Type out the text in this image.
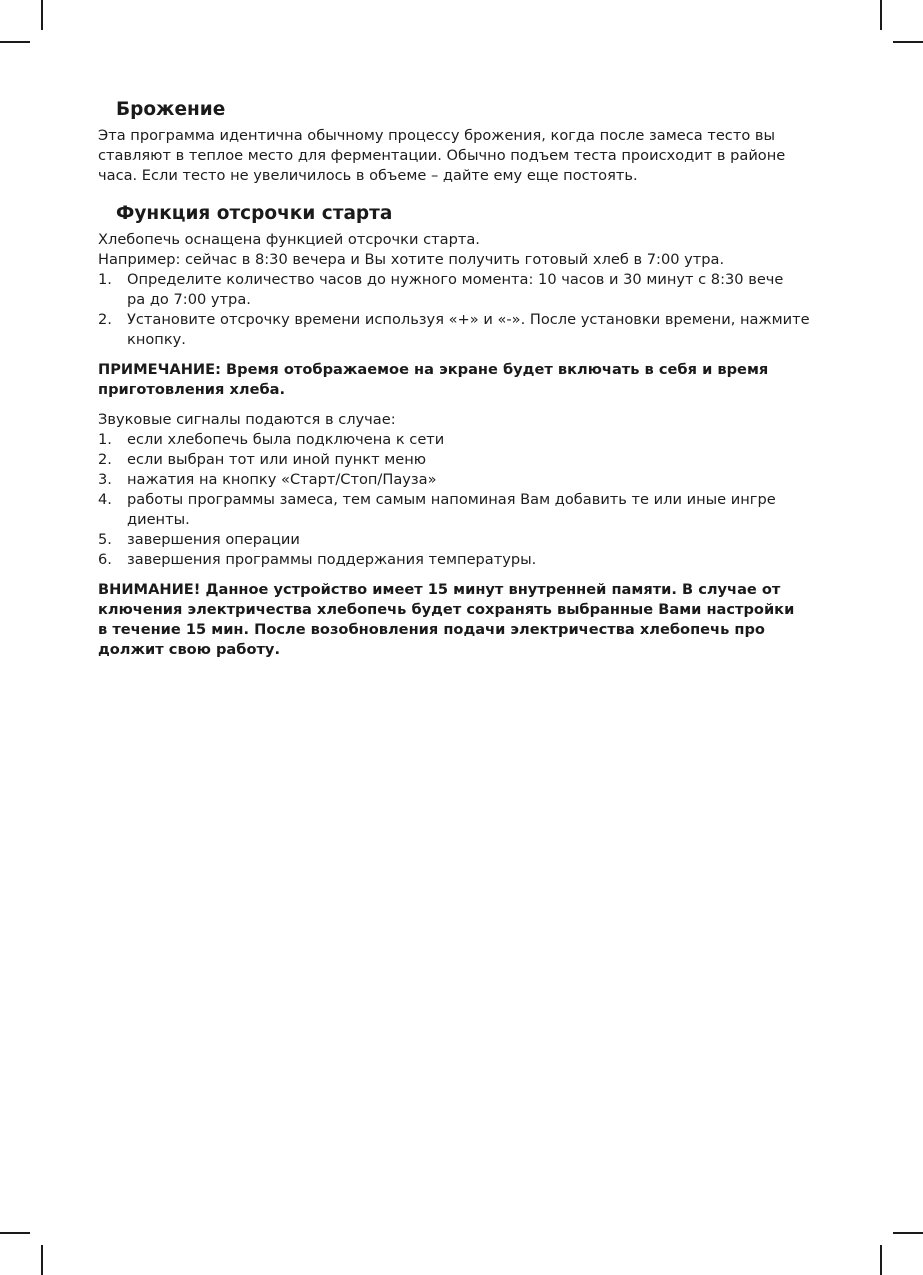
Брожение

Эта программа идентична обычному процессу брожения, когда после замеса тесто вы
ставляют в теплое место для ферментации. Обычно подъем теста происходит в районе
часа. Если тесто не увеличилось в объеме – дайте ему еще постоять.

Функция отсрочки старта

Хлебопечь оснащена функцией отсрочки старта.
Например: сейчас в 8:30 вечера и Вы хотите получить готовый хлеб в 7:00 утра.

1.	Определите количество часов до нужного момента: 10 часов и 30 минут с 8:30 вече
ра до 7:00 утра.
2.	Установите отсрочку времени используя «+» и «-». После установки времени, нажмите
кнопку.

ПРИМЕЧАНИЕ: Время отображаемое на экране будет включать в себя и время
приготовления хлеба.

Звуковые сигналы подаются в случае:

1.	если хлебопечь была подключена к сети
2.	если выбран тот или иной пункт меню
3.	нажатия на кнопку «Старт/Стоп/Пауза»
4.	работы программы замеса, тем самым напоминая Вам добавить те или иные ингре
диенты.
5.	завершения операции
6.	завершения программы поддержания температуры.

ВНИМАНИЕ! Данное устройство имеет 15 минут внутренней памяти. В случае от
ключения электричества хлебопечь будет сохранять выбранные Вами настройки
в течение 15 мин. После возобновления подачи электричества хлебопечь про
должит свою работу.
